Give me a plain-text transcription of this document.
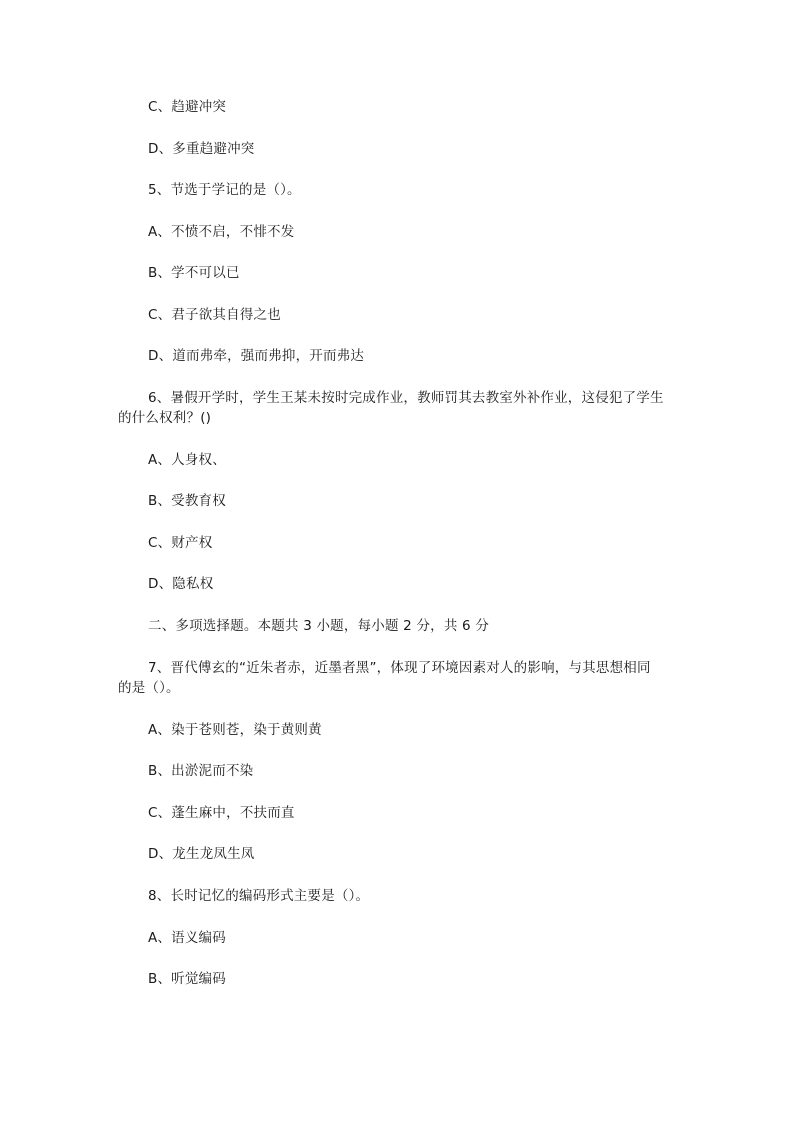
C、趋避冲突
D、多重趋避冲突
5、节选于学记的是（）。
A、不愤不启，不悱不发
B、学不可以已
C、君子欲其自得之也
D、道而弗牵，强而弗抑，开而弗达
6、暑假开学时，学生王某未按时完成作业，教师罚其去教室外补作业，这侵犯了学生
的什么权利？()
A、人身权、
B、受教育权
C、财产权
D、隐私权
二、多项选择题。本题共 3 小题，每小题 2 分，共 6 分
7、晋代傅玄的“近朱者赤，近墨者黑”，体现了环境因素对人的影响，与其思想相同
的是（）。
A、染于苍则苍，染于黄则黄
B、出淤泥而不染
C、蓬生麻中，不扶而直
D、龙生龙凤生凤
8、长时记忆的编码形式主要是（）。
A、语义编码
B、听觉编码
